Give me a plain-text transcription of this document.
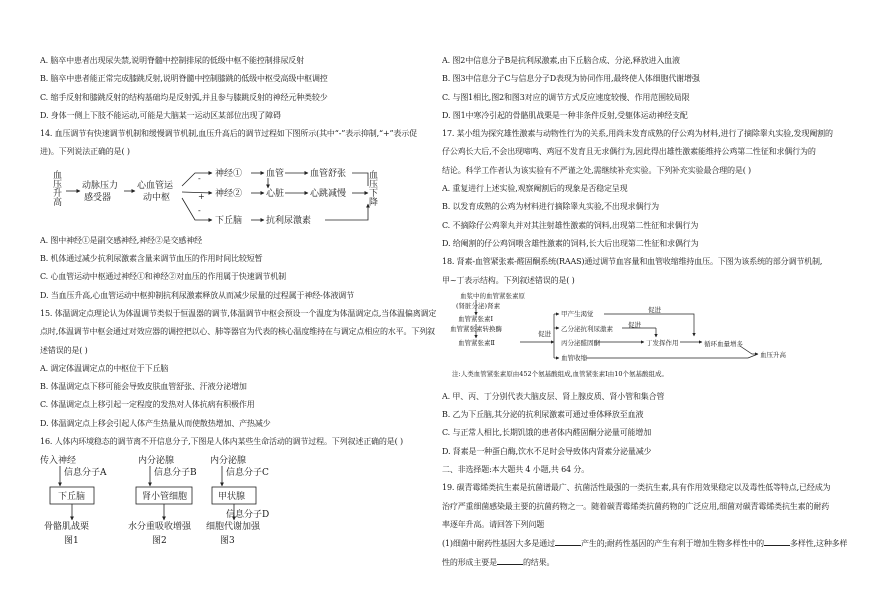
A. 脑卒中患者出现尿失禁,说明脊髓中控制排尿的低级中枢不能控制排尿反射
B. 脑卒中患者能正常完成膝跳反射,说明脊髓中控制膝跳的低级中枢受高级中枢调控
C. 缩手反射和膝跳反射的结构基础均是反射弧,并且参与膝跳反射的神经元种类较少
D. 身体一侧上下肢不能运动,可能是大脑某一运动区某部位出现了障碍
14. 血压调节有快速调节机制和缓慢调节机制,血压升高后的调节过程如下图所示(其中“-”表示抑制,“+”表示促
进)。下列说法正确的是( )
血压升高 动脉压力
感受器
心血管运
动中枢
神经①
神经②
下丘脑
血管
心脏
抗利尿激素
血管舒张
心跳减慢 血压下降
-
+
-
A. 图中神经①是副交感神经,神经②是交感神经
B. 机体通过减少抗利尿激素含量来调节血压的作用时间比较短暂
C. 心血管运动中枢通过神经①和神经②对血压的作用属于快速调节机制
D. 当血压升高,心血管运动中枢抑制抗利尿激素释放从而减少尿量的过程属于神经-体液调节
15. 体温调定点理论认为体温调节类似于恒温器的调节,体温调节中枢会预设一个温度为体温调定点,当体温偏离调定
点时,体温调节中枢会通过对效应器的调控把以心、肺等器官为代表的核心温度维持在与调定点相应的水平。下列叙
述错误的是( )
A. 调定体温调定点的中枢位于下丘脑
B. 体温调定点下移可能会导致皮肤血管舒张、汗液分泌增加
C. 体温调定点上移引起一定程度的发热对人体抗病有积极作用
D. 体温调定点上移会引起人体产生热量从而使散热增加、产热减少
16. 人体内环境稳态的调节离不开信息分子,下图是人体内某些生命活动的调节过程。下列叙述正确的是( )
传入神经
信息分子A
下丘脑
骨骼肌战栗
图1
内分泌腺
信息分子B
肾小管细胞
水分重吸收增强
图2
内分泌腺
信息分子C
甲状腺
信息分子D
细胞代谢加强
图3
A. 图2中信息分子B是抗利尿激素,由下丘脑合成、分泌,释放进入血液
B. 图3中信息分子C与信息分子D表现为协同作用,最终使人体细胞代谢增强
C. 与图1相比,图2和图3对应的调节方式反应速度较慢、作用范围较局限
D. 图1中寒冷引起的骨骼肌战栗是一种非条件反射,受躯体运动神经支配
17. 某小组为探究雄性激素与动物性行为的关系,用尚未发育成熟的仔公鸡为材料,进行了摘除睾丸实验,发现阉割的
仔公鸡长大后,不会出现啼鸣、鸡冠不发育且无求偶行为,因此得出雄性激素能维持公鸡第二性征和求偶行为的
结论。科学工作者认为该实验有不严谨之处,需继续补充实验。下列补充实验最合理的是( )
A. 重复进行上述实验,观察阉割后的现象是否稳定呈现
B. 以发育成熟的公鸡为材料进行摘除睾丸实验,不出现求偶行为
C. 不摘除仔公鸡睾丸并对其注射雄性激素的饲料,出现第二性征和求偶行为
D. 给阉割的仔公鸡饲喂含雄性激素的饲料,长大后出现第二性征和求偶行为
18. 肾素-血管紧张素-醛固酮系统(RAAS)通过调节血容量和血管收缩维持血压。下图为该系统的部分调节机制,
甲~丁表示结构。下列叙述错误的是( )
血浆中的血管紧张素原
(肾脏分泌)肾素
血管紧张素Ⅰ
血管紧张素转换酶
血管紧张素Ⅱ
甲产生渴觉
乙分泌抗利尿激素
丙分泌醛固酮	丁发挥作用	循环血量增多
血压升高
血管收缩
促进
促进
促进
注:人类血管紧张素原由452个氨基酸组成,血管紧张素Ⅰ由10个氨基酸组成。
A. 甲、丙、丁分别代表大脑皮层、肾上腺皮质、肾小管和集合管
B. 乙为下丘脑,其分泌的抗利尿激素可通过垂体释放至血液
C. 与正常人相比,长期饥饿的患者体内醛固酮分泌量可能增加
D. 肾素是一种蛋白酶,饮水不足时会导致体内肾素分泌量减少
二、非选择题:本大题共 4 小题,共 64 分。
19. 碳青霉烯类抗生素是抗菌谱最广、抗菌活性最强的一类抗生素,具有作用效果稳定以及毒性低等特点,已经成为
治疗严重细菌感染最主要的抗菌药物之一。随着碳青霉烯类抗菌药物的广泛应用,细菌对碳青霉烯类抗生素的耐药
率逐年升高。请回答下列问题
(1)细菌中耐药性基因大多是通过	产生的;耐药性基因的产生有利于增加生物多样性中的	多样性,这种多样
性的形成主要是	的结果。
